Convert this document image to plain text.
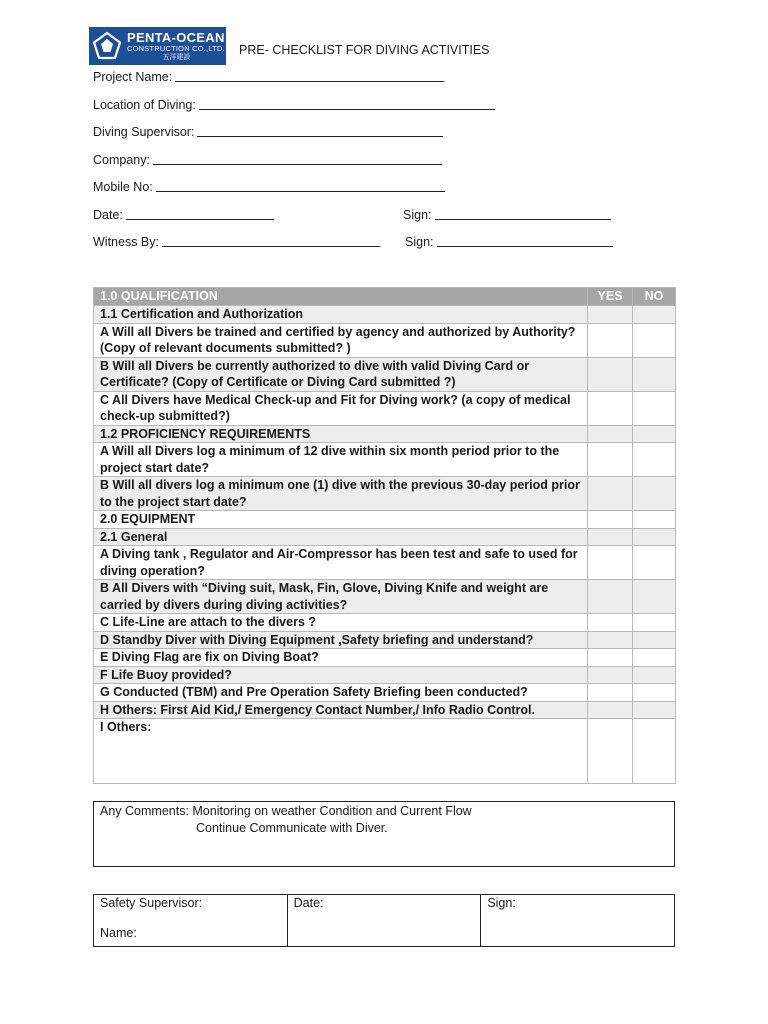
PENTA-OCEAN
CONSTRUCTION CO.,LTD.
五洋建設
PRE- CHECKLIST FOR DIVING ACTIVITIES
Project Name:
Location of Diving:
Diving Supervisor:
Company:
Mobile No:
Date:	Sign:
Witness By:	Sign:
1.0 QUALIFICATION	YES	NO
1.1 Certification and Authorization		
A Will all Divers be trained and certified by agency and authorized by Authority? (Copy of relevant documents submitted? )		
B Will all Divers be currently authorized to dive with valid Diving Card or Certificate? (Copy of Certificate or Diving Card submitted ?)		
C All Divers have Medical Check-up and Fit for Diving work? (a copy of medical check-up submitted?)		
1.2 PROFICIENCY REQUIREMENTS		
A Will all Divers log a minimum of 12 dive within six month period prior to the project start date?		
B Will all divers log a minimum one (1) dive with the previous 30-day period prior to the project start date?		
2.0 EQUIPMENT		
2.1 General		
A Diving tank , Regulator and Air-Compressor has been test and safe to used for diving operation?		
B All Divers with “Diving suit, Mask, Fin, Glove, Diving Knife and weight are carried by divers during diving activities?		
C Life-Line are attach to the divers ?		
D Standby Diver with Diving Equipment ,Safety briefing and understand?		
E Diving Flag are fix on Diving Boat?		
F Life Buoy provided?		
G Conducted (TBM) and Pre Operation Safety Briefing been conducted?		
H Others: First Aid Kid,/ Emergency Contact Number,/ Info Radio Control.		
I Others:		
Any Comments: Monitoring on weather Condition and Current Flow
Continue Communicate with Diver.
Safety Supervisor:
Name:
	Date:	Sign:
